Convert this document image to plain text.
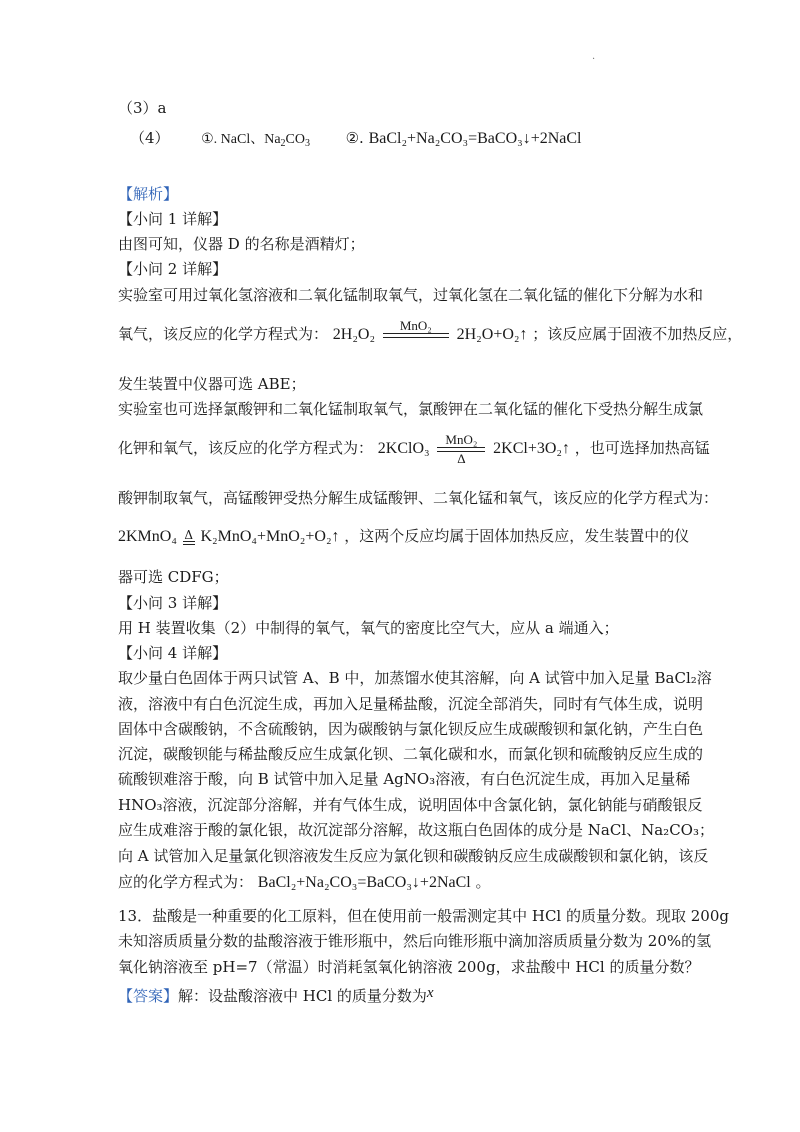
·
（3）a
（4） ①. NaCl、$Na_2CO_3$ ②. BaCl₂+Na₂CO₃=BaCO₃↓+2NaCl
【解析】
【小问 1 详解】
由图可知，仪器 D 的名称是酒精灯；
【小问 2 详解】
实验室可用过氧化氢溶液和二氧化锰制取氧气，过氧化氢在二氧化锰的催化下分解为水和
氧气，该反应的化学方程式为： 2H₂O₂
MnO₂

2H₂O+O₂↑ ；该反应属于固液不加热反应，
发生装置中仪器可选 ABE；
实验室也可选择氯酸钾和二氧化锰制取氧气，氯酸钾在二氧化锰的催化下受热分解生成氯
化钾和氧气，该反应的化学方程式为： 2KClO₃
MnO₂
Δ
2KCl+3O₂↑ ，也可选择加热高锰
酸钾制取氧气，高锰酸钾受热分解生成锰酸钾、二氧化锰和氧气，该反应的化学方程式为：
2KMnO₄ Δ K₂MnO₄+MnO₂+O₂↑ ，这两个反应均属于固体加热反应，发生装置中的仪
器可选 CDFG；
【小问 3 详解】
用 H 装置收集（2）中制得的氧气，氧气的密度比空气大，应从 a 端通入；
【小问 4 详解】
取少量白色固体于两只试管 A、B 中，加蒸馏水使其溶解，向 A 试管中加入足量 BaCl₂溶
液，溶液中有白色沉淀生成，再加入足量稀盐酸，沉淀全部消失，同时有气体生成，说明
固体中含碳酸钠，不含硫酸钠，因为碳酸钠与氯化钡反应生成碳酸钡和氯化钠，产生白色
沉淀，碳酸钡能与稀盐酸反应生成氯化钡、二氧化碳和水，而氯化钡和硫酸钠反应生成的
硫酸钡难溶于酸，向 B 试管中加入足量 AgNO₃溶液，有白色沉淀生成，再加入足量稀
HNO₃溶液，沉淀部分溶解，并有气体生成，说明固体中含氯化钠，氯化钠能与硝酸银反
应生成难溶于酸的氯化银，故沉淀部分溶解，故这瓶白色固体的成分是 NaCl、Na₂CO₃；
向 A 试管加入足量氯化钡溶液发生反应为氯化钡和碳酸钠反应生成碳酸钡和氯化钠，该反
应的化学方程式为： BaCl₂+Na₂CO₃=BaCO₃↓+2NaCl 。
13．盐酸是一种重要的化工原料，但在使用前一般需测定其中 HCl 的质量分数。现取 200g
未知溶质质量分数的盐酸溶液于锥形瓶中，然后向锥形瓶中滴加溶质质量分数为 20%的氢
氧化钠溶液至 pH=7（常温）时消耗氢氧化钠溶液 200g，求盐酸中 HCl 的质量分数？
【答案】解：设盐酸溶液中 HCl 的质量分数为x
